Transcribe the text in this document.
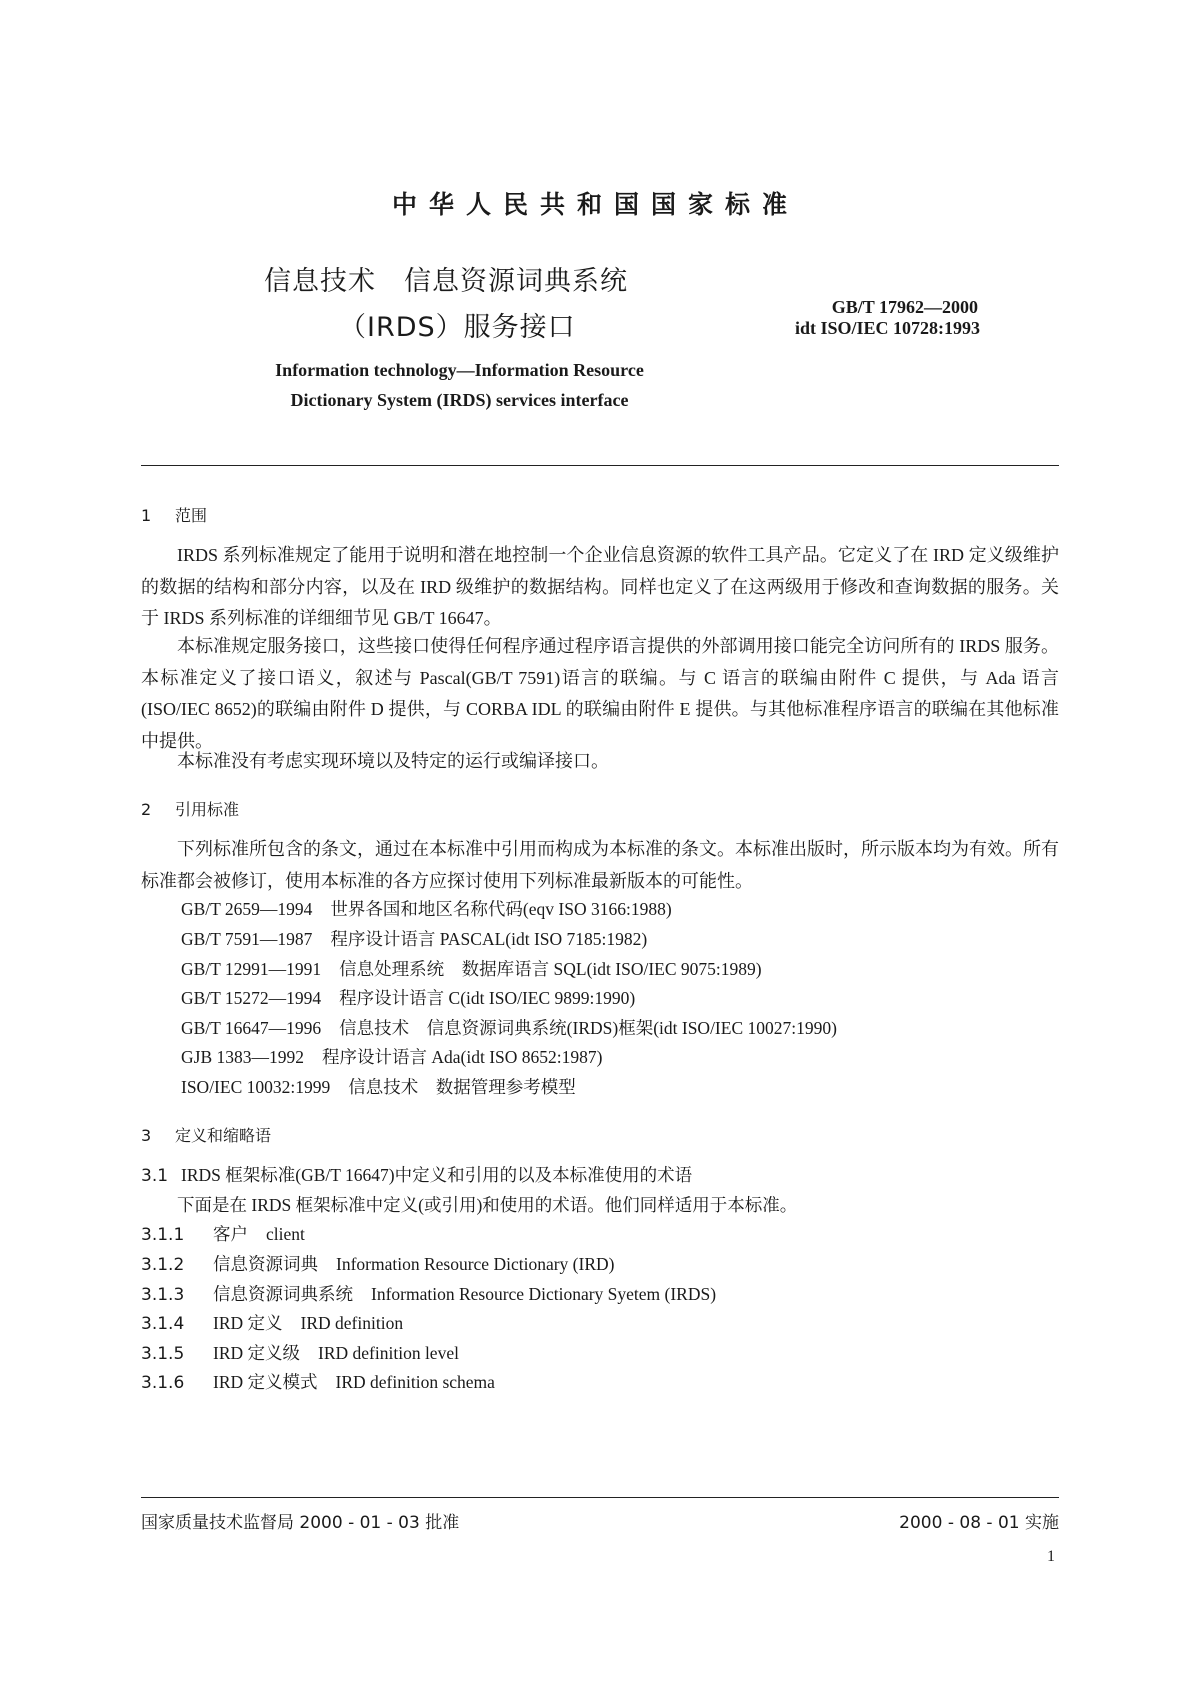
中华人民共和国国家标准
信息技术　信息资源词典系统
（IRDS）服务接口
GB/T 17962—2000
idt ISO/IEC 10728:1993
Information technology—Information Resource
Dictionary System (IRDS) services interface
1 范围
IRDS 系列标准规定了能用于说明和潜在地控制一个企业信息资源的软件工具产品。它定义了在 IRD 定义级维护的数据的结构和部分内容，以及在 IRD 级维护的数据结构。同样也定义了在这两级用于修改和查询数据的服务。关于 IRDS 系列标准的详细细节见 GB/T 16647。
本标准规定服务接口，这些接口使得任何程序通过程序语言提供的外部调用接口能完全访问所有的 IRDS 服务。本标准定义了接口语义，叙述与 Pascal(GB/T 7591)语言的联编。与 C 语言的联编由附件 C 提供，与 Ada 语言(ISO/IEC 8652)的联编由附件 D 提供，与 CORBA IDL 的联编由附件 E 提供。与其他标准程序语言的联编在其他标准中提供。
本标准没有考虑实现环境以及特定的运行或编译接口。
2 引用标准
下列标准所包含的条文，通过在本标准中引用而构成为本标准的条文。本标准出版时，所示版本均为有效。所有标准都会被修订，使用本标准的各方应探讨使用下列标准最新版本的可能性。
GB/T 2659—1994 世界各国和地区名称代码(eqv ISO 3166:1988)
GB/T 7591—1987 程序设计语言 PASCAL(idt ISO 7185:1982)
GB/T 12991—1991 信息处理系统　数据库语言 SQL(idt ISO/IEC 9075:1989)
GB/T 15272—1994 程序设计语言 C(idt ISO/IEC 9899:1990)
GB/T 16647—1996 信息技术　信息资源词典系统(IRDS)框架(idt ISO/IEC 10027:1990)
GJB 1383—1992 程序设计语言 Ada(idt ISO 8652:1987)
ISO/IEC 10032:1999 信息技术　数据管理参考模型
3 定义和缩略语
3.1 IRDS 框架标准(GB/T 16647)中定义和引用的以及本标准使用的术语
下面是在 IRDS 框架标准中定义(或引用)和使用的术语。他们同样适用于本标准。
3.1.1 客户 client
3.1.2 信息资源词典 Information Resource Dictionary (IRD)
3.1.3 信息资源词典系统 Information Resource Dictionary Syetem (IRDS)
3.1.4 IRD 定义 IRD definition
3.1.5 IRD 定义级 IRD definition level
3.1.6 IRD 定义模式 IRD definition schema
国家质量技术监督局 2000 - 01 - 03 批准	2000 - 08 - 01 实施
1
